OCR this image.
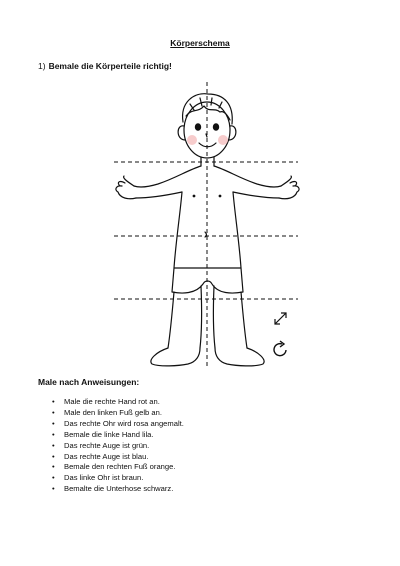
Körperschema
1) Bemale die Körperteile richtig!
Male nach Anweisungen:
• Male die rechte Hand rot an.
• Male den linken Fuß gelb an.
• Das rechte Ohr wird rosa angemalt.
• Bemale die linke Hand lila.
• Das rechte Auge ist grün.
• Das rechte Auge ist blau.
• Bemale den rechten Fuß orange.
• Das linke Ohr ist braun.
• Bemalte die Unterhose schwarz.
